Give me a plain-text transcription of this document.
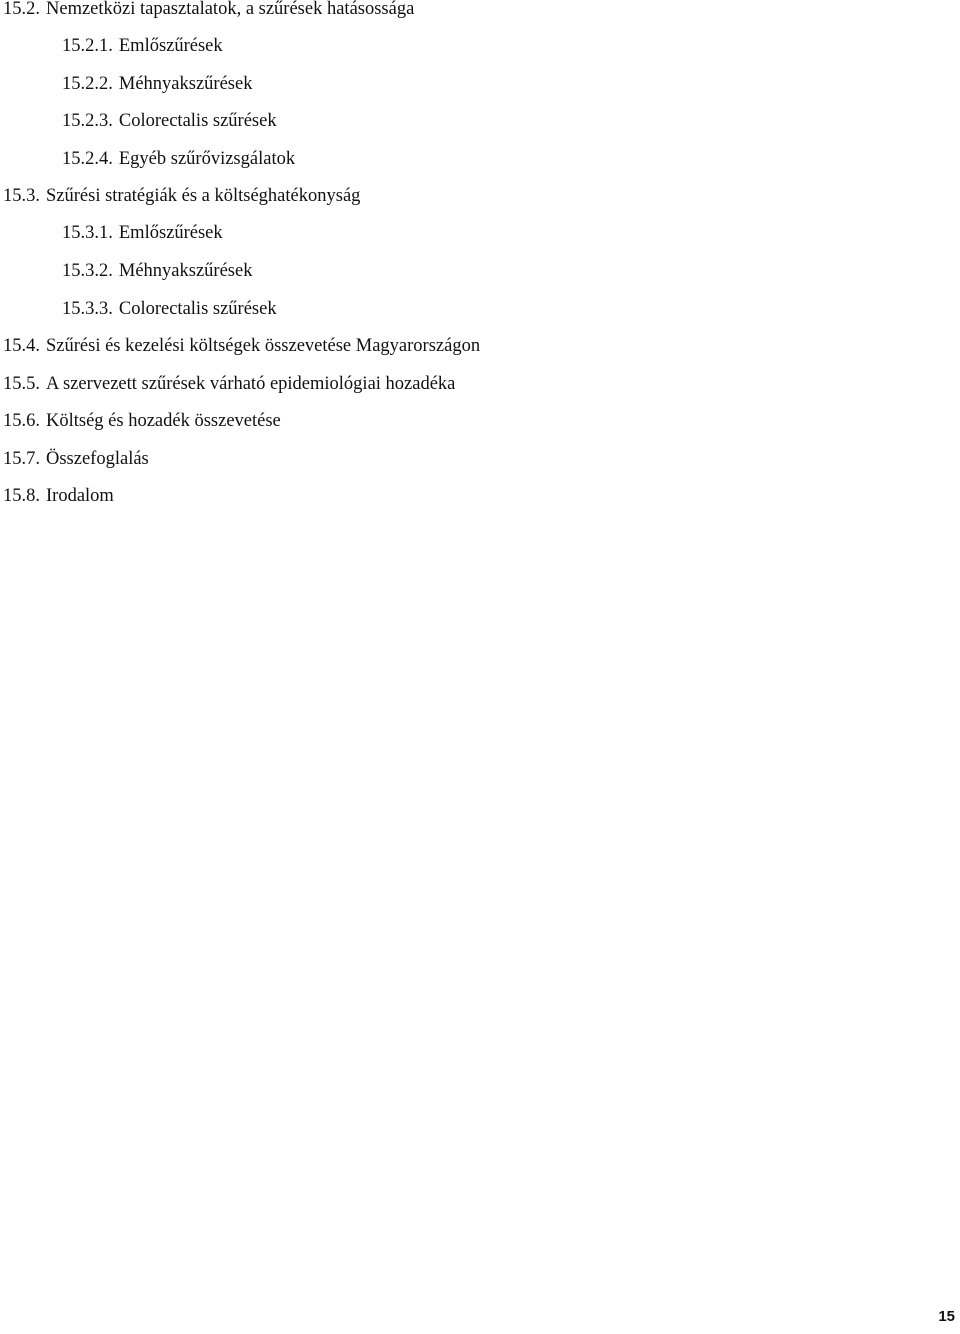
15.2. Nemzetközi tapasztalatok, a szűrések hatásossága
15.2.1. Emlőszűrések
15.2.2. Méhnyakszűrések
15.2.3. Colorectalis szűrések
15.2.4. Egyéb szűrővizsgálatok
15.3. Szűrési stratégiák és a költséghatékonyság
15.3.1. Emlőszűrések
15.3.2. Méhnyakszűrések
15.3.3. Colorectalis szűrések
15.4. Szűrési és kezelési költségek összevetése Magyarországon
15.5. A szervezett szűrések várható epidemiológiai hozadéka
15.6. Költség és hozadék összevetése
15.7. Összefoglalás
15.8. Irodalom
15
